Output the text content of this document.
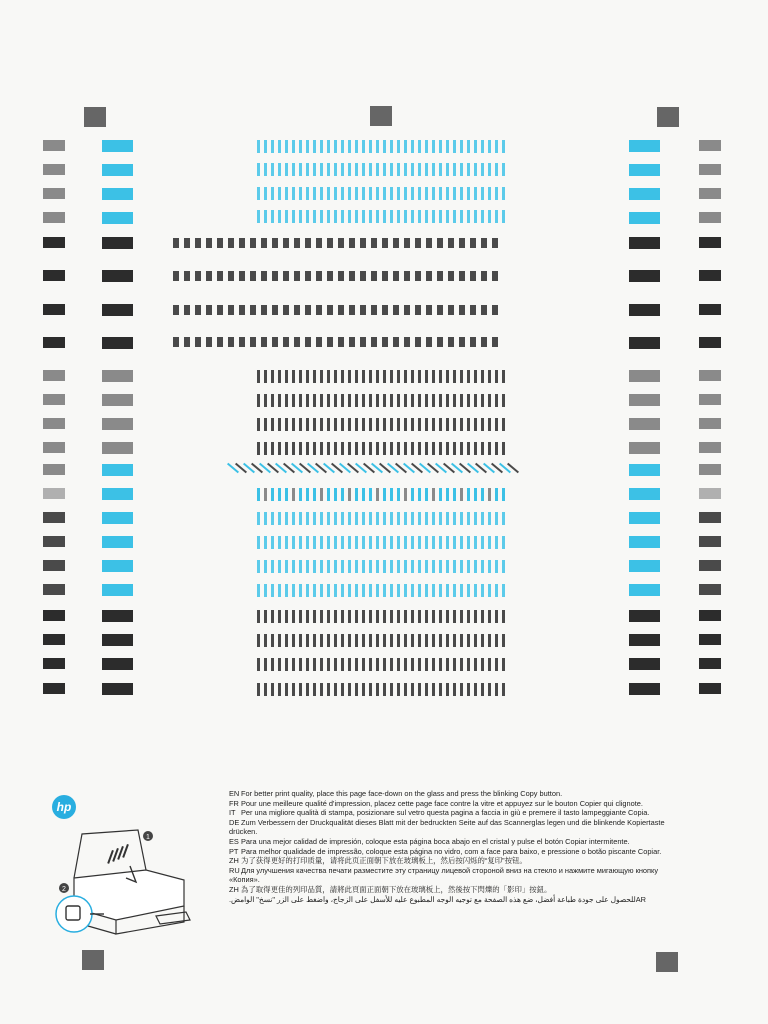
hp
1
2

EN For better print quality, place this page face-down on the glass and press the blinking Copy button.

FR Pour une meilleure qualité d'impression, placez cette page face contre la vitre et appuyez sur le bouton Copier qui clignote.

IT Per una migliore qualità di stampa, posizionare sul vetro questa pagina a faccia in giù e premere il tasto lampeggiante Copia.

DE Zum Verbessern der Druckqualität dieses Blatt mit der bedruckten Seite auf das Scannerglas legen und die blinkende Kopiertaste drücken.

ES Para una mejor calidad de impresión, coloque esta página boca abajo en el cristal y pulse el botón Copiar intermitente.

PT Para melhor qualidade de impressão, coloque esta página no vidro, com a face para baixo, e pressione o botão piscante Copiar.

ZH 为了获得更好的打印质量，请将此页正面朝下放在玻璃板上，然后按闪烁的“复印”按钮。

RUДля улучшения качества печати разместите эту страницу лицевой стороной вниз на стекло и нажмите мигающую кнопку «Копия».

ZH 為了取得更佳的列印品質，請將此頁面正面朝下放在玻璃板上，然後按下閃爍的「影印」按鈕。

ARللحصول على جودة طباعة أفضل، ضع هذه الصفحة مع توجيه الوجه المطبوع عليه للأسفل على الزجاج، واضغط على الزر "نسخ" الوامض.
